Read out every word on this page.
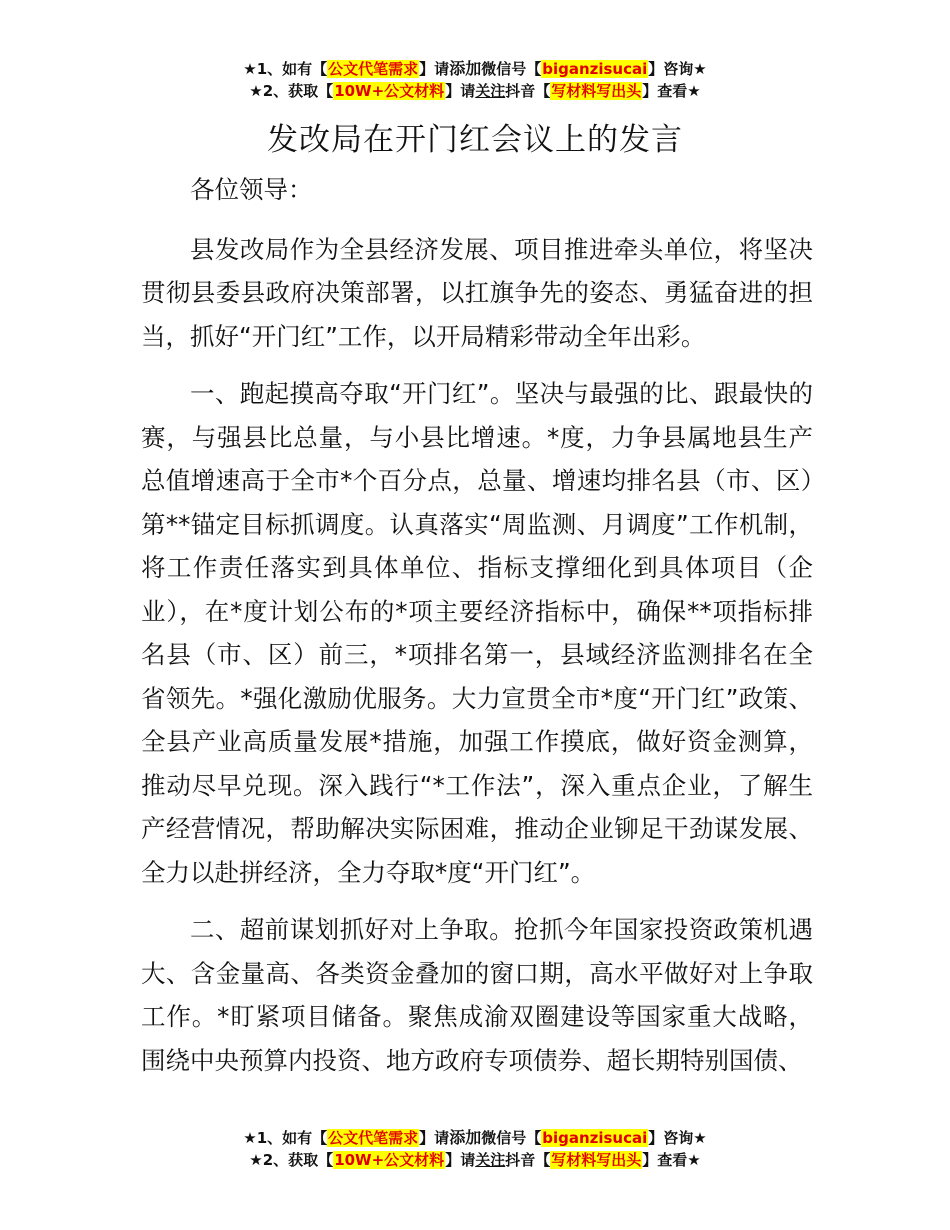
★1、如有【公文代笔需求】请添加微信号【biganzisucai】咨询★
★2、获取【10W+公文材料】请关注抖音【写材料写出头】查看★
发改局在开门红会议上的发言

各位领导：

县发改局作为全县经济发展、项目推进牵头单位，将坚决贯彻县委县政府决策部署，以扛旗争先的姿态、勇猛奋进的担当，抓好“开门红”工作，以开局精彩带动全年出彩。

一、跑起摸高夺取“开门红”。坚决与最强的比、跟最快的赛，与强县比总量，与小县比增速。*度，力争县属地县生产总值增速高于全市*个百分点，总量、增速均排名县（市、区）第**锚定目标抓调度。认真落实“周监测、月调度”工作机制，将工作责任落实到具体单位、指标支撑细化到具体项目（企业），在*度计划公布的*项主要经济指标中，确保**项指标排名县（市、区）前三，*项排名第一，县域经济监测排名在全省领先。*强化激励优服务。大力宣贯全市*度“开门红”政策、全县产业高质量发展*措施，加强工作摸底，做好资金测算，推动尽早兑现。深入践行“*工作法”，深入重点企业，了解生产经营情况，帮助解决实际困难，推动企业铆足干劲谋发展、全力以赴拼经济，全力夺取*度“开门红”。

二、超前谋划抓好对上争取。抢抓今年国家投资政策机遇大、含金量高、各类资金叠加的窗口期，高水平做好对上争取工作。*盯紧项目储备。聚焦成渝双圈建设等国家重大战略，围绕中央预算内投资、地方政府专项债券、超长期特别国债、

★1、如有【公文代笔需求】请添加微信号【biganzisucai】咨询★
★2、获取【10W+公文材料】请关注抖音【写材料写出头】查看★
